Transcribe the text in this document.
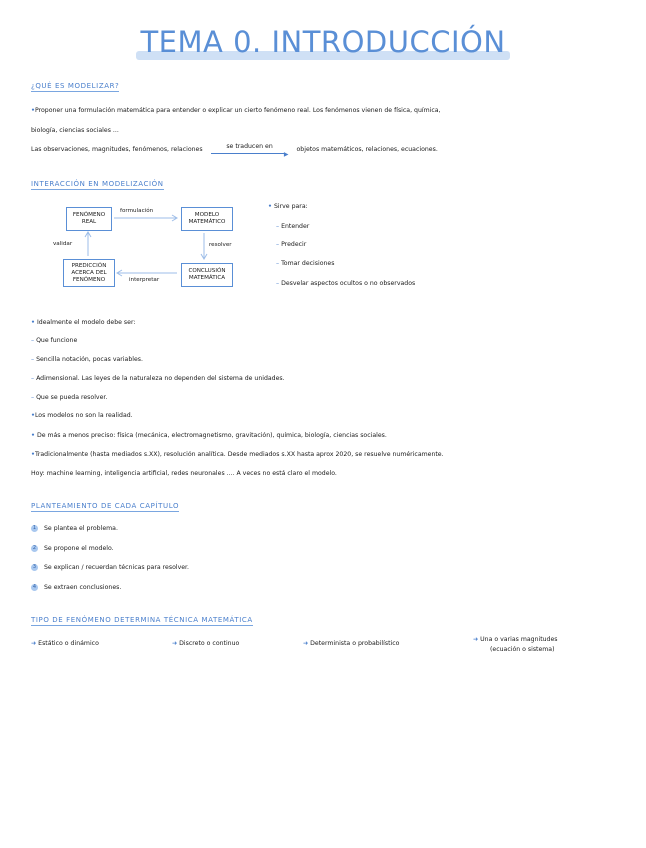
TEMA 0. INTRODUCCIÓN
¿QUÉ ES MODELIZAR?
•Proponer una formulación matemática para entender o explicar un cierto fenómeno real. Los fenómenos vienen de física, química,
biología, ciencias sociales ...
Las observaciones, magnitudes, fenómenos, relaciones	se traducen en
▶
objetos matemáticos, relaciones, ecuaciones.
INTERACCIÓN EN MODELIZACIÓN
FENÓMENO REAL
MODELO MATEMÁTICO
PREDICCIÓN ACERCA DEL FENÓMENO
CONCLUSIÓN MATEMÁTICA
formulación
resolver
interpretar
validar
• Sirve para:
– Entender
– Predecir
– Tomar decisiones
– Desvelar aspectos ocultos o no observados
• Idealmente el modelo debe ser:
– Que funcione
– Sencilla notación, pocas variables.
– Adimensional. Las leyes de la naturaleza no dependen del sistema de unidades.
– Que se pueda resolver.
•Los modelos no son la realidad.
• De más a menos preciso: física (mecánica, electromagnetismo, gravitación), química, biología, ciencias sociales.
•Tradicionalmente (hasta mediados s.XX), resolución analítica. Desde mediados s.XX hasta aprox 2020, se resuelve numéricamente.
Hoy: machine learning, inteligencia artificial, redes neuronales .... A veces no está claro el modelo.
PLANTEAMIENTO DE CADA CAPÍTULO
1 Se plantea el problema.
2 Se propone el modelo.
3 Se explican / recuerdan técnicas para resolver.
4 Se extraen conclusiones.
TIPO DE FENÓMENO DETERMINA TÉCNICA MATEMÁTICA
➜ Estático o dinámico	➜ Discreto o continuo	➜ Determinista o probabilístico
➜ Una o varias magnitudes
(ecuación o sistema)
